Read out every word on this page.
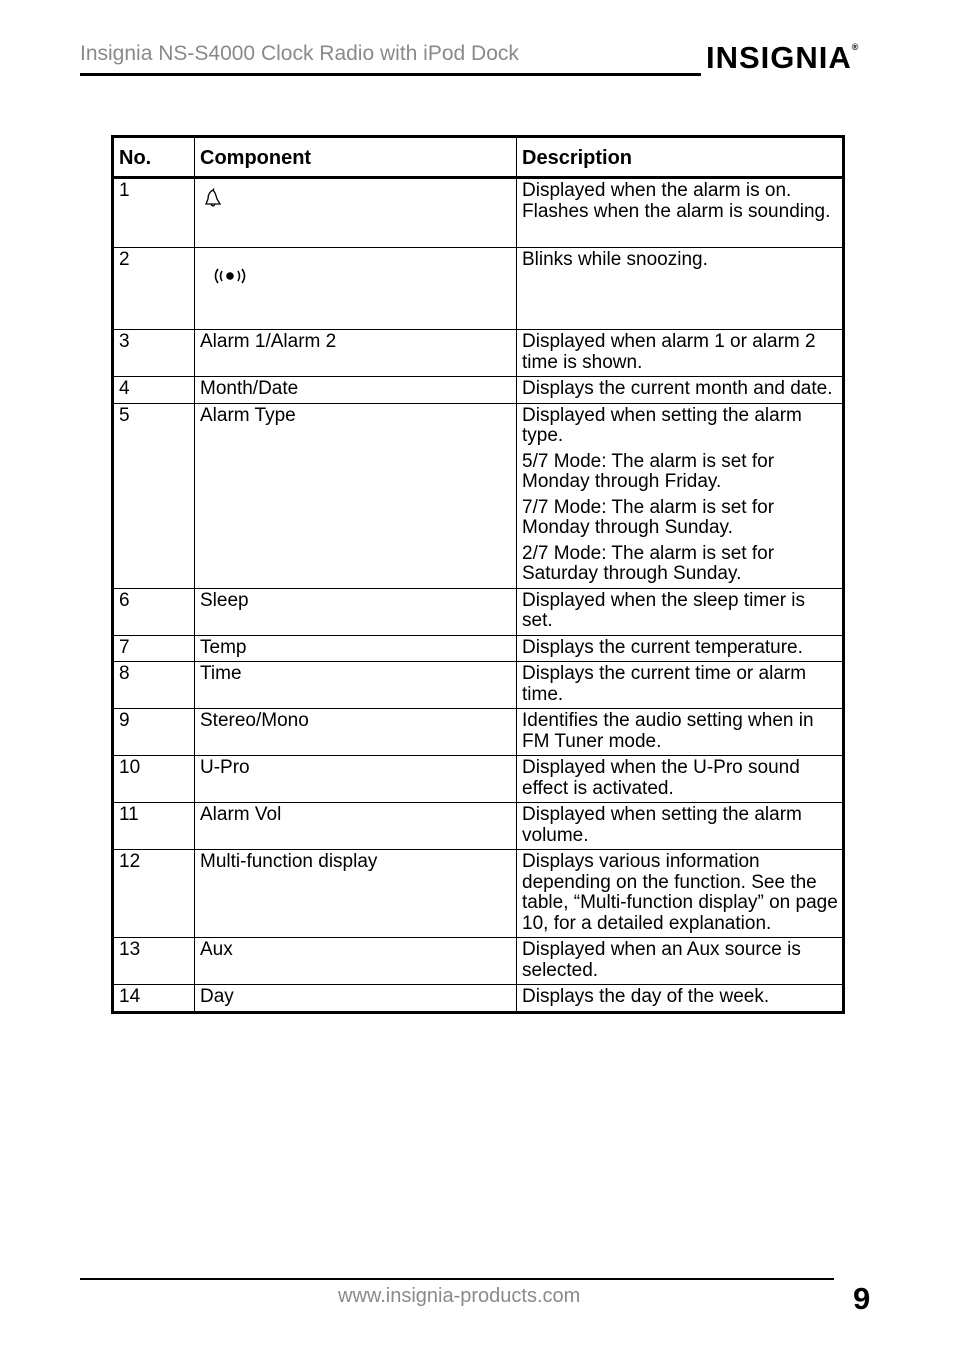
Insignia NS-S4000 Clock Radio with iPod Dock	INSIGNIA®
No.	Component	Description
1		Displayed when the alarm is on. Flashes when the alarm is sounding.

2		Blinks while snoozing.

3	Alarm 1/Alarm 2	Displayed when alarm 1 or alarm 2 time is shown.

4	Month/Date	Displays the current month and date.

5	Alarm Type	Displayed when setting the alarm type.

5/7 Mode: The alarm is set for Monday through Friday.

7/7 Mode: The alarm is set for Monday through Sunday.

2/7 Mode: The alarm is set for Saturday through Sunday.

6	Sleep	Displayed when the sleep timer is set.

7	Temp	Displays the current temperature.

8	Time	Displays the current time or alarm time.

9	Stereo/Mono	Identifies the audio setting when in FM Tuner mode.

10	U-Pro	Displayed when the U-Pro sound effect is activated.

11	Alarm Vol	Displayed when setting the alarm volume.

12	Multi-function display	Displays various information depending on the function. See the table, “Multi-function display” on page 10, for a detailed explanation.

13	Aux	Displayed when an Aux source is selected.

14	Day	Displays the day of the week.

www.insignia-products.com	9
